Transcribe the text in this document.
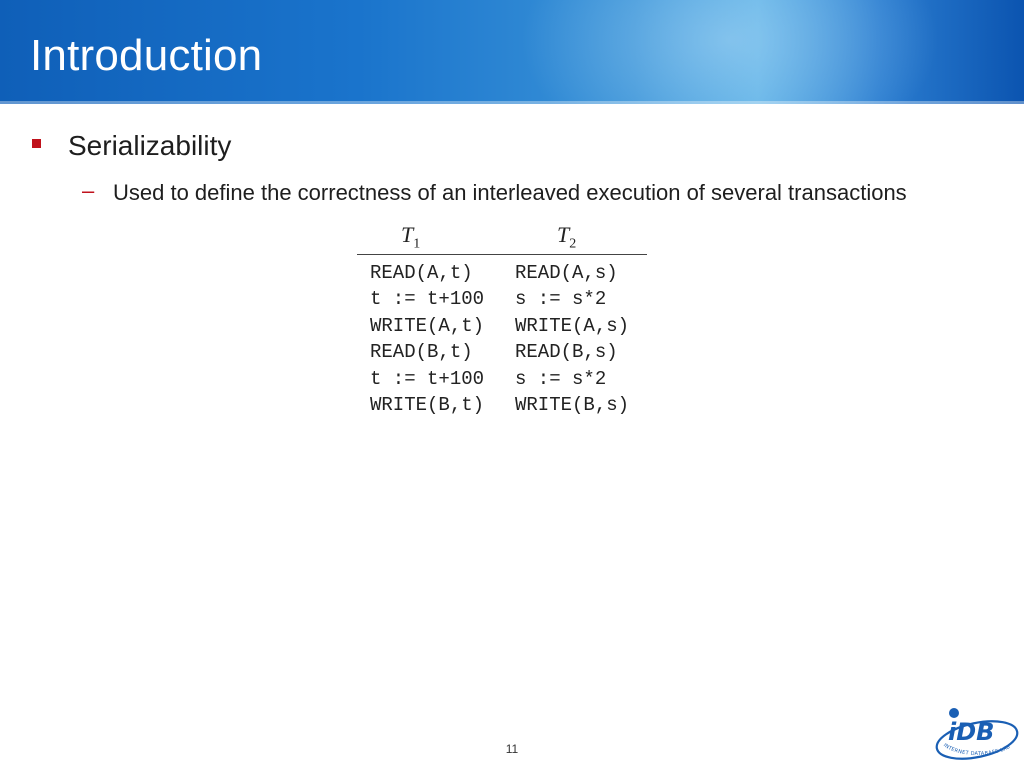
Introduction
Serializability
– Used to define the correctness of an interleaved execution of several transactions
$T_1$	$T_2$
READ(A,t)	READ(A,s)
t := t+100	s := s*2
WRITE(A,t)	WRITE(A,s)
READ(B,t)	READ(B,s)
t := t+100	s := s*2
WRITE(B,t)	WRITE(B,s)
11
iDB
INTERNET DATABASE LAB
